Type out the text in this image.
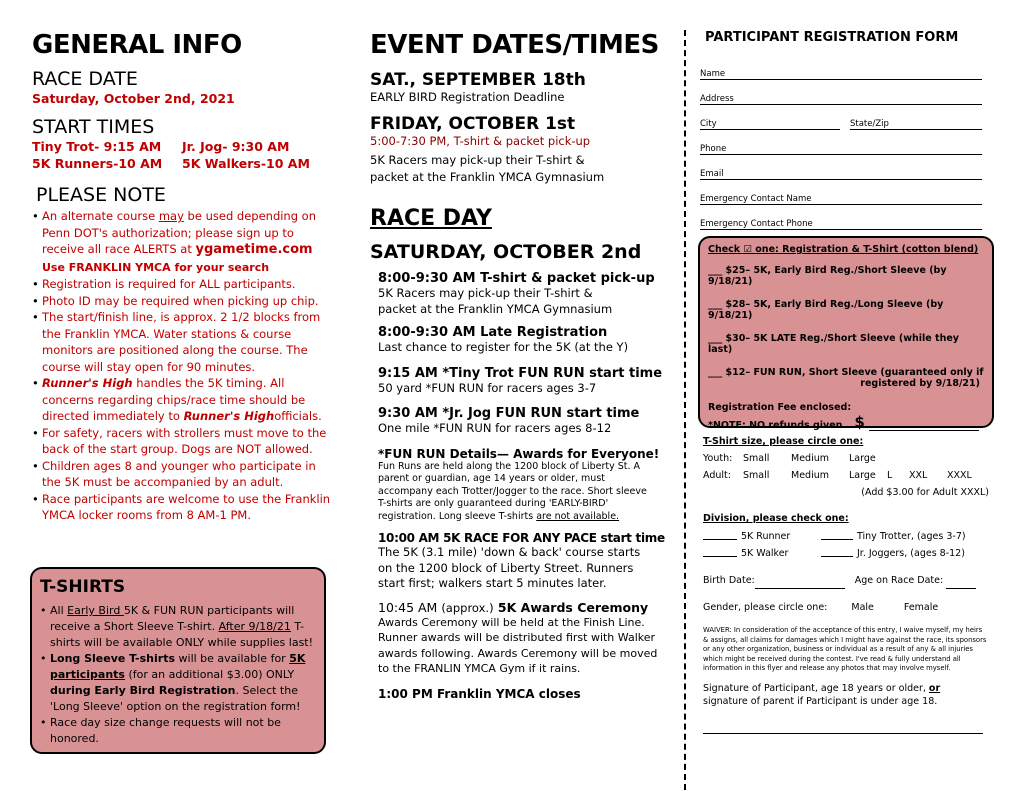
GENERAL INFO
RACE DATE
Saturday, October 2nd, 2021
START TIMES
Tiny Trot- 9:15 AM	Jr. Jog- 9:30 AM
5K Runners-10 AM	5K Walkers-10 AM
PLEASE NOTE
• An alternate course may be used depending on Penn DOT's authorization; please sign up to receive all race ALERTS at ygametime.com
Use FRANKLIN YMCA for your search
• Registration is required for ALL participants.
• Photo ID may be required when picking up chip.
• The start/finish line, is approx. 2 1/2 blocks from the Franklin YMCA. Water stations & course monitors are positioned along the course. The course will stay open for 90 minutes.
• Runner's High handles the 5K timing. All concerns regarding chips/race time should be directed immediately to Runner's Highofficials.
• For safety, racers with strollers must move to the back of the start group. Dogs are NOT allowed.
• Children ages 8 and younger who participate in the 5K must be accompanied by an adult.
• Race participants are welcome to use the Franklin YMCA locker rooms from 8 AM-1 PM.
T-SHIRTS
• All Early Bird 5K & FUN RUN participants will receive a Short Sleeve T-shirt. After 9/18/21 T-shirts will be available ONLY while supplies last!
• Long Sleeve T-shirts will be available for 5K participants (for an additional $3.00) ONLY during Early Bird Registration. Select the 'Long Sleeve' option on the registration form!
• Race day size change requests will not be honored.
EVENT DATES/TIMES
SAT., SEPTEMBER 18th
EARLY BIRD Registration Deadline
FRIDAY, OCTOBER 1st
5:00-7:30 PM, T-shirt & packet pick-up
5K Racers may pick-up their T-shirt & packet at the Franklin YMCA Gymnasium
RACE DAY
SATURDAY, OCTOBER 2nd
8:00-9:30 AM T-shirt & packet pick-up
5K Racers may pick-up their T-shirt & packet at the Franklin YMCA Gymnasium
8:00-9:30 AM Late Registration
Last chance to register for the 5K (at the Y)
9:15 AM *Tiny Trot FUN RUN start time
50 yard *FUN RUN for racers ages 3-7
9:30 AM *Jr. Jog FUN RUN start time
One mile *FUN RUN for racers ages 8-12
*FUN RUN Details— Awards for Everyone!
Fun Runs are held along the 1200 block of Liberty St. A parent or guardian, age 14 years or older, must accompany each Trotter/Jogger to the race. Short sleeve T-shirts are only guaranteed during 'EARLY-BIRD' registration. Long sleeve T-shirts are not available.
10:00 AM 5K RACE FOR ANY PACE start time
The 5K (3.1 mile) 'down & back' course starts on the 1200 block of Liberty Street. Runners start first; walkers start 5 minutes later.
10:45 AM (approx.) 5K Awards Ceremony
Awards Ceremony will be held at the Finish Line. Runner awards will be distributed first with Walker awards following. Awards Ceremony will be moved to the FRANLIN YMCA Gym if it rains.
1:00 PM Franklin YMCA closes
PARTICIPANT REGISTRATION FORM
Name
Address
City	State/Zip
Phone
Email
Emergency Contact Name
Emergency Contact Phone
Check ☑ one: Registration & T-Shirt (cotton blend)
___ $25– 5K, Early Bird Reg./Short Sleeve (by 9/18/21)
___ $28– 5K, Early Bird Reg./Long Sleeve (by 9/18/21)
___ $30– 5K LATE Reg./Short Sleeve (while they last)
___ $12– FUN RUN, Short Sleeve (guaranteed only if
registered by 9/18/21)
Registration Fee enclosed:
*NOTE: NO refunds given $
T-Shirt size, please circle one:
Youth:	Small	Medium	Large
Adult:	Small	Medium	Large	L	XXL	XXXL
(Add $3.00 for Adult XXXL)
Division, please check one:
5K Runner	Tiny Trotter, (ages 3-7)
5K Walker	Jr. Joggers, (ages 8-12)
Birth Date:	Age on Race Date:
Gender, please circle one:	Male	Female
WAIVER: In consideration of the acceptance of this entry, I waive myself, my heirs & assigns, all claims for damages which I might have against the race, its sponsors or any other organization, business or individual as a result of any & all injuries which might be received during the contest. I've read & fully understand all information in this flyer and release any photos that may involve myself.
Signature of Participant, age 18 years or older, or
signature of parent if Participant is under age 18.
